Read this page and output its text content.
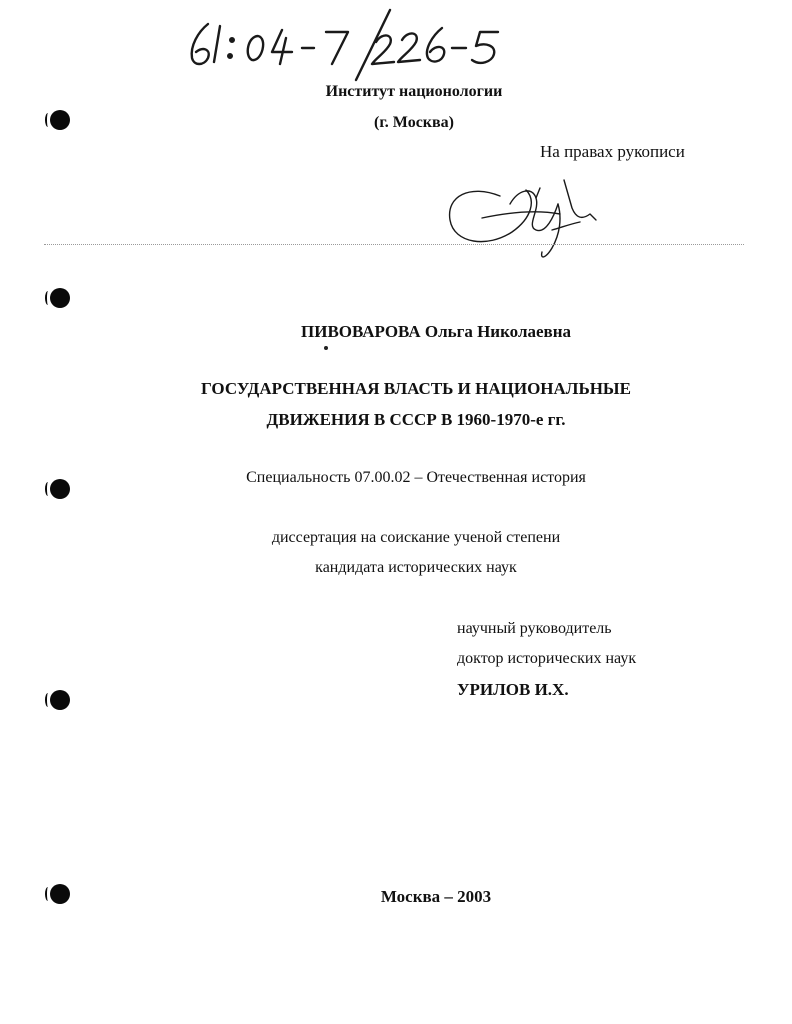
Институт национологии
(г. Москва)
На правах рукописи
ПИВОВАРОВА Ольга Николаевна
ГОСУДАРСТВЕННАЯ ВЛАСТЬ И НАЦИОНАЛЬНЫЕ
ДВИЖЕНИЯ В СССР В 1960-1970-е гг.
Специальность 07.00.02 – Отечественная история
диссертация на соискание ученой степени
кандидата исторических наук
научный руководитель
доктор исторических наук
УРИЛОВ И.Х.
Москва – 2003
